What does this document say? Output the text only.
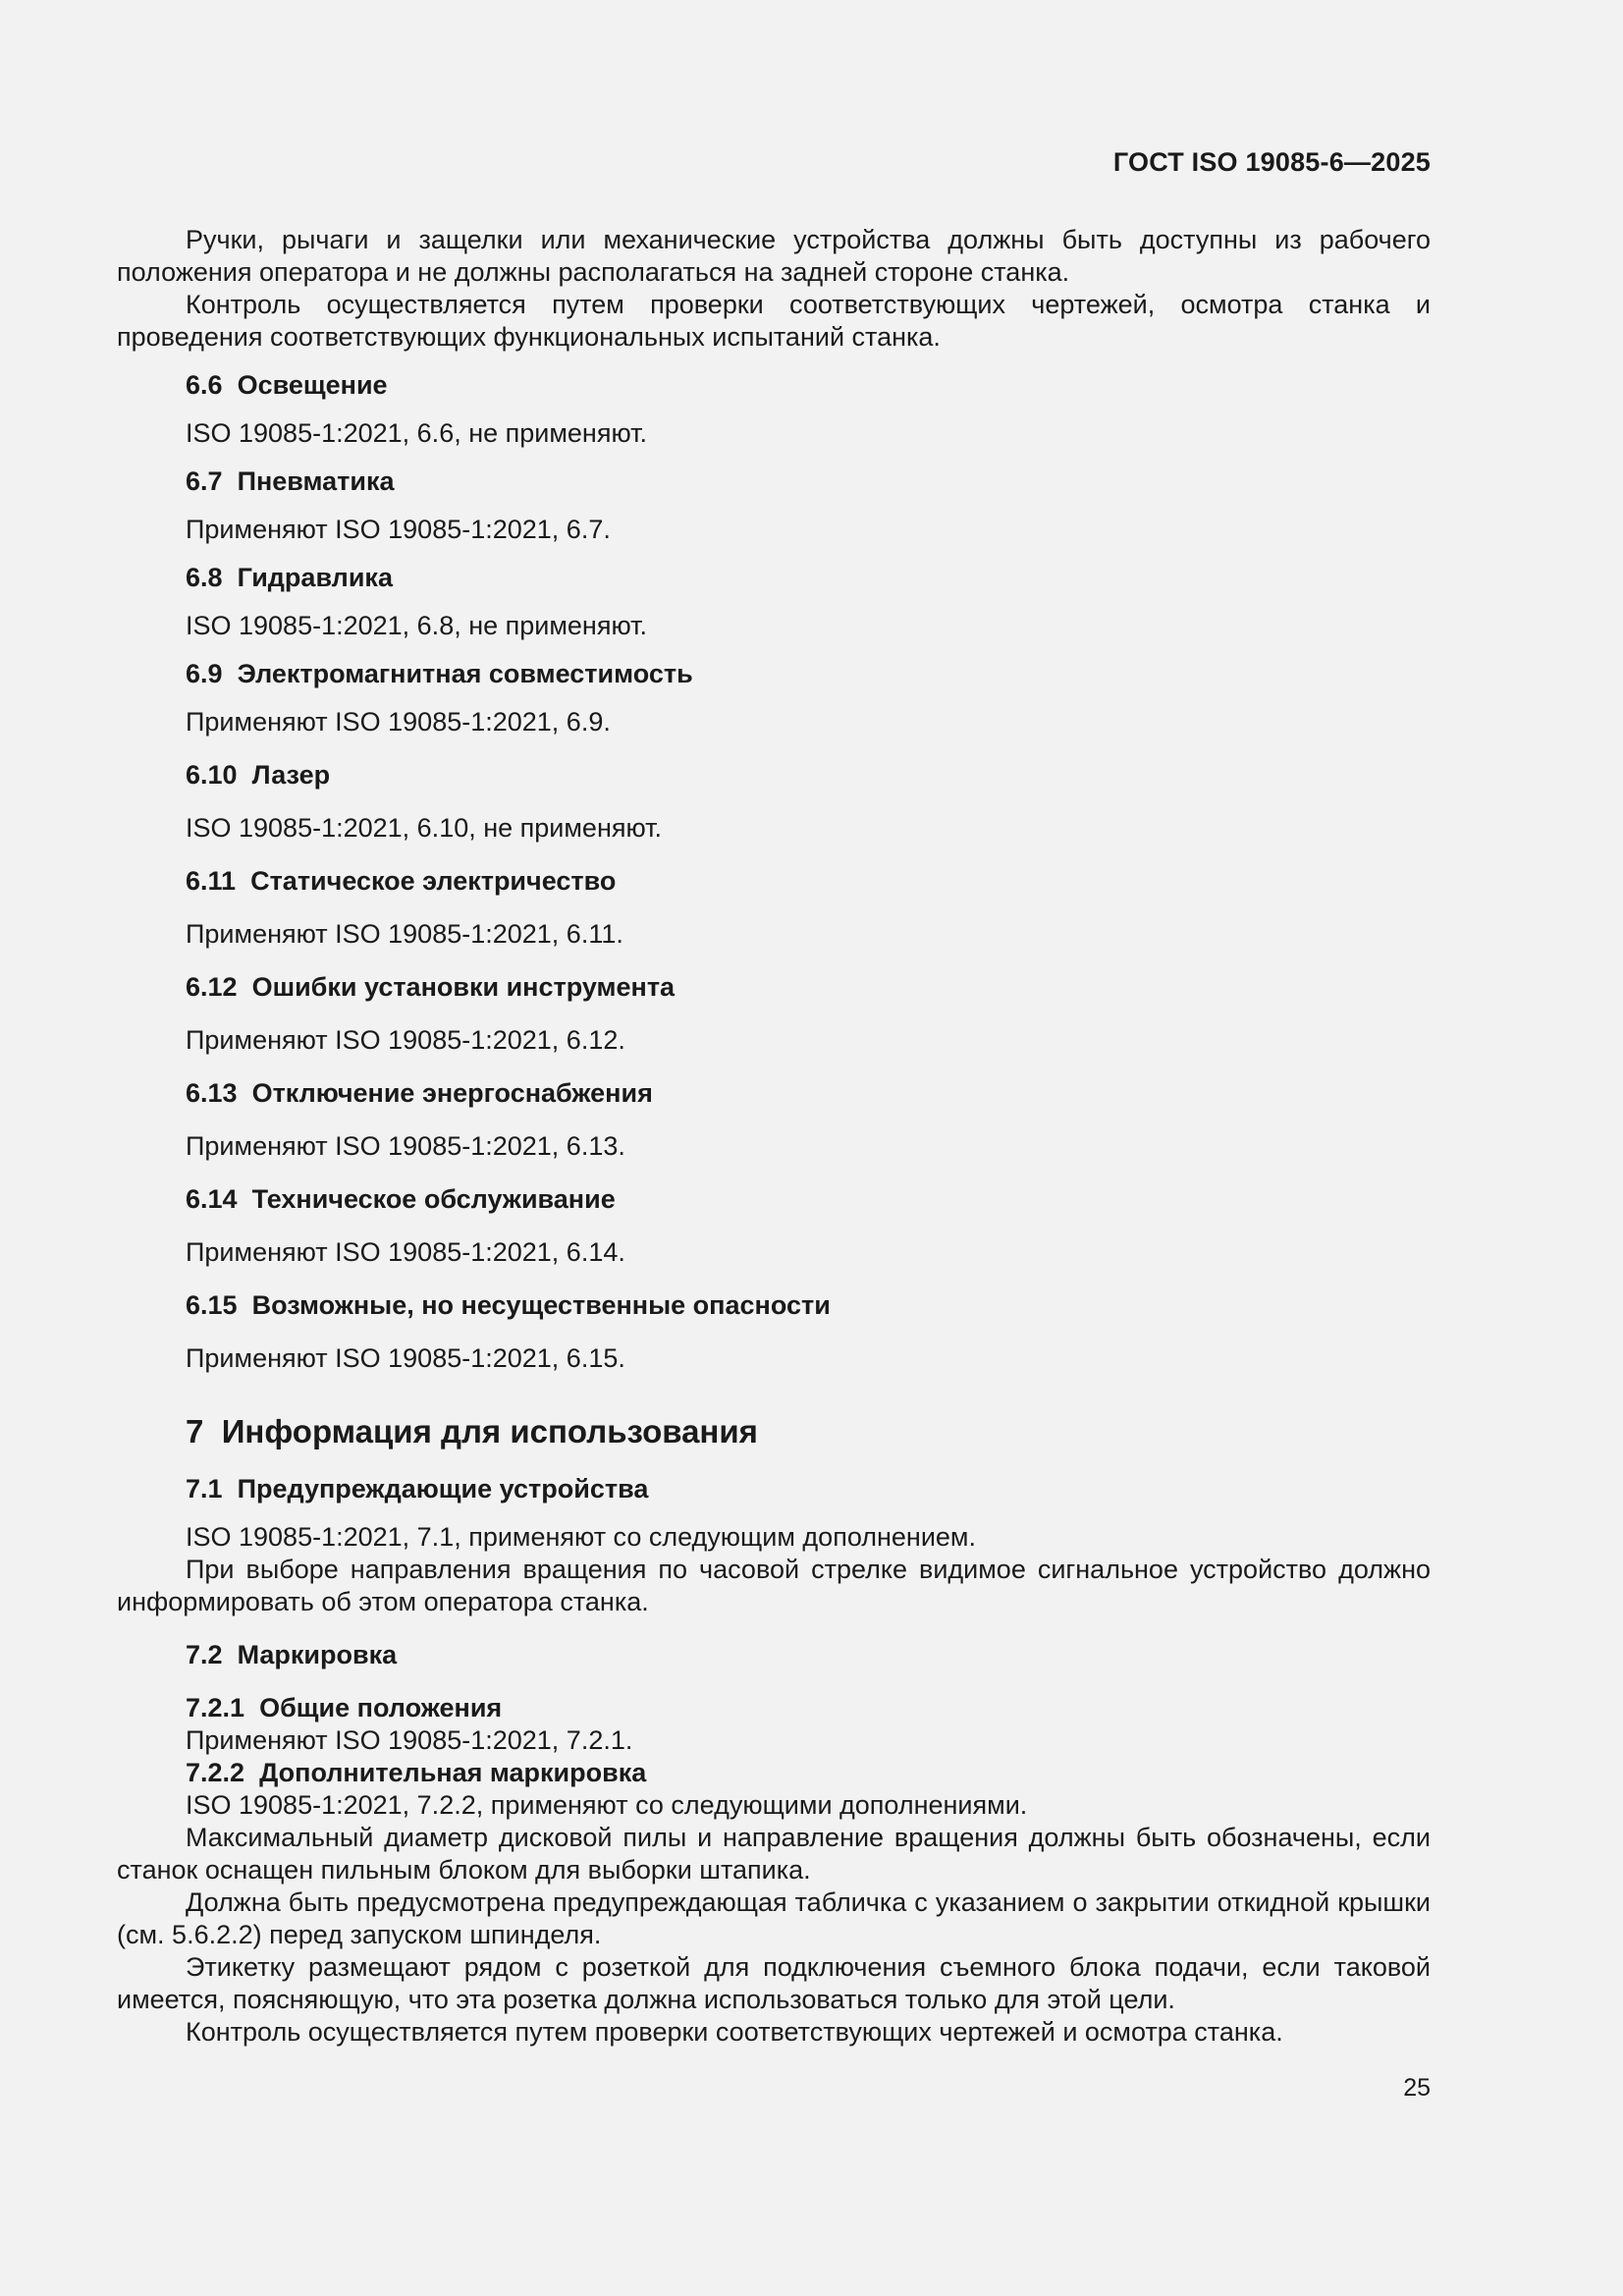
ГОСТ ISO 19085-6—2025

Ручки, рычаги и защелки или механические устройства должны быть доступны из рабочего положения оператора и не должны располагаться на задней стороне станка.

Контроль осуществляется путем проверки соответствующих чертежей, осмотра станка и проведения соответствующих функциональных испытаний станка.

6.6 Освещение

ISO 19085-1:2021, 6.6, не применяют.

6.7 Пневматика

Применяют ISO 19085-1:2021, 6.7.

6.8 Гидравлика

ISO 19085-1:2021, 6.8, не применяют.

6.9 Электромагнитная совместимость

Применяют ISO 19085-1:2021, 6.9.

6.10 Лазер

ISO 19085-1:2021, 6.10, не применяют.

6.11 Статическое электричество

Применяют ISO 19085-1:2021, 6.11.

6.12 Ошибки установки инструмента

Применяют ISO 19085-1:2021, 6.12.

6.13 Отключение энергоснабжения

Применяют ISO 19085-1:2021, 6.13.

6.14 Техническое обслуживание

Применяют ISO 19085-1:2021, 6.14.

6.15 Возможные, но несущественные опасности

Применяют ISO 19085-1:2021, 6.15.

7 Информация для использования
7.1 Предупреждающие устройства

ISO 19085-1:2021, 7.1, применяют со следующим дополнением.

При выборе направления вращения по часовой стрелке видимое сигнальное устройство должно информировать об этом оператора станка.

7.2 Маркировка
7.2.1 Общие положения

Применяют ISO 19085-1:2021, 7.2.1.

7.2.2 Дополнительная маркировка

ISO 19085-1:2021, 7.2.2, применяют со следующими дополнениями.

Максимальный диаметр дисковой пилы и направление вращения должны быть обозначены, если станок оснащен пильным блоком для выборки штапика.

Должна быть предусмотрена предупреждающая табличка с указанием о закрытии откидной крышки (см. 5.6.2.2) перед запуском шпинделя.

Этикетку размещают рядом с розеткой для подключения съемного блока подачи, если таковой имеется, поясняющую, что эта розетка должна использоваться только для этой цели.

Контроль осуществляется путем проверки соответствующих чертежей и осмотра станка.

25
